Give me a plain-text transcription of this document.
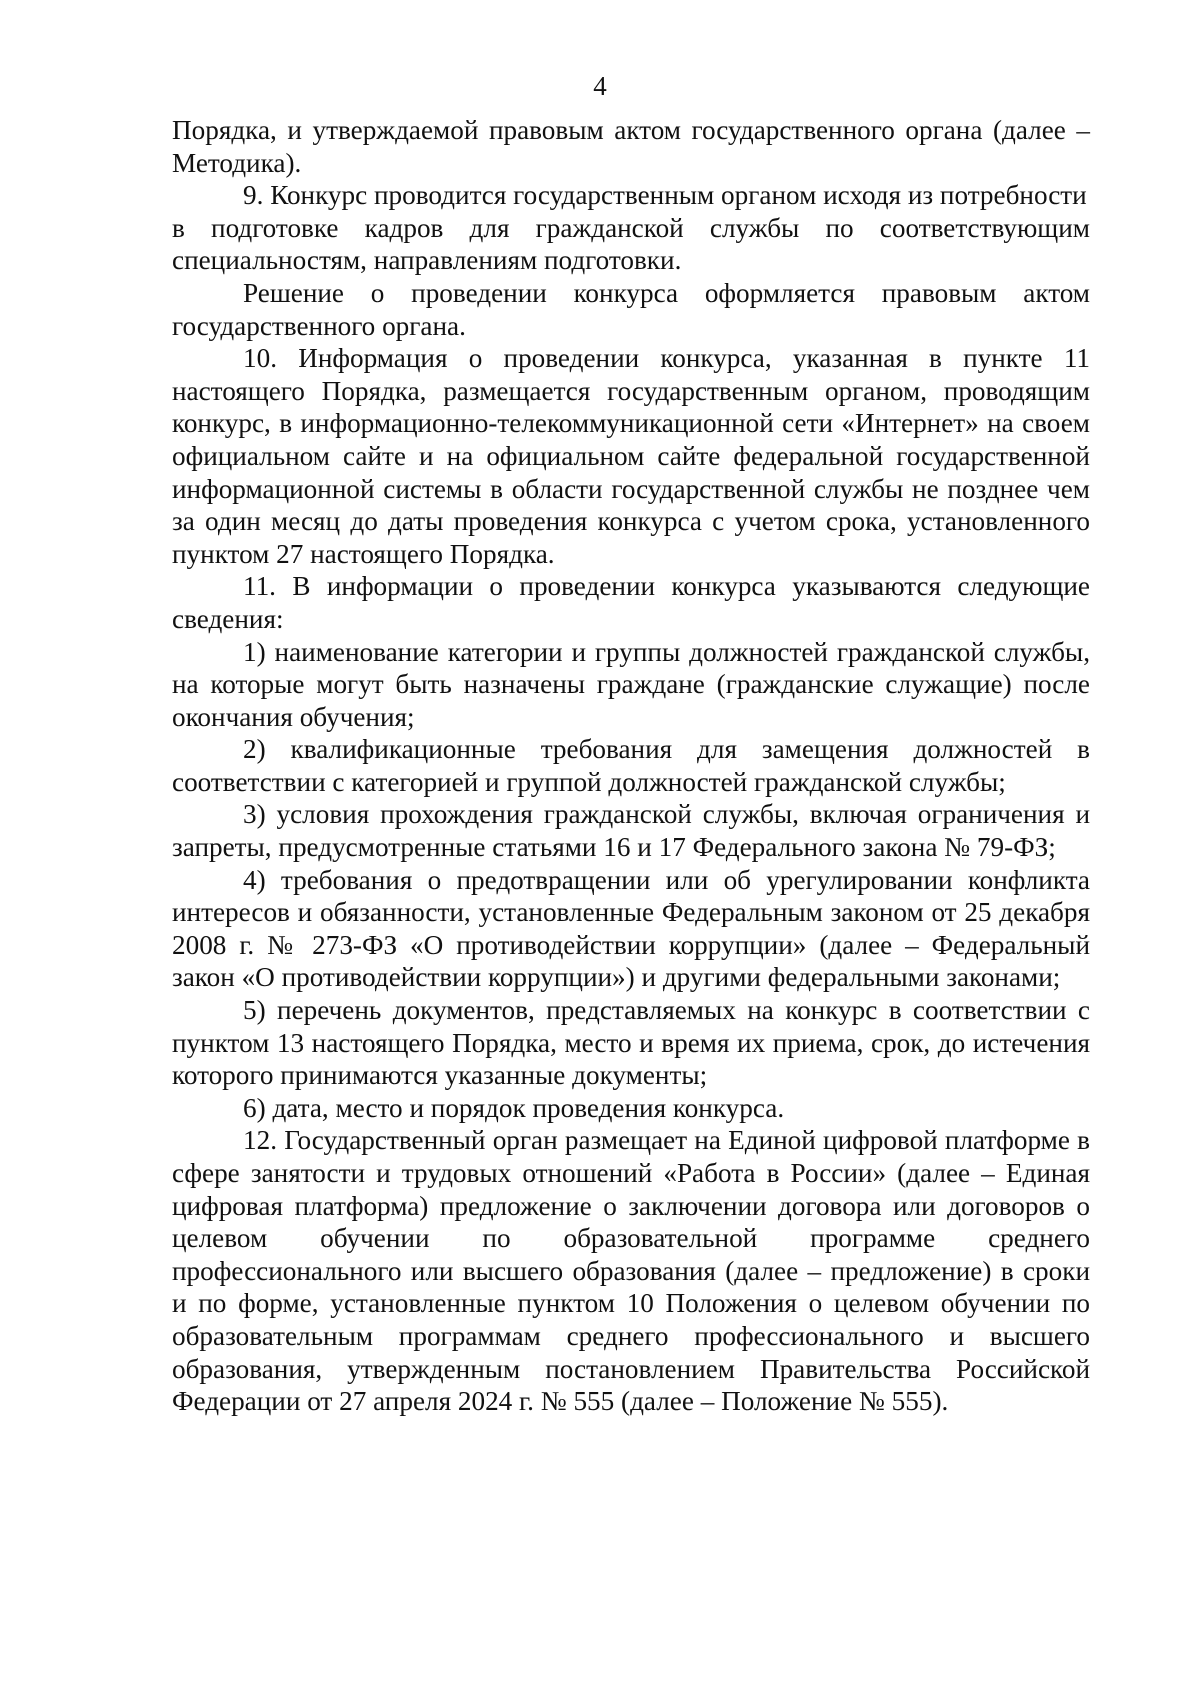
4

Порядка, и утверждаемой правовым актом государственного органа (далее – Методика).

9. Конкурс проводится государственным органом исходя из потребности

в подготовке кадров для гражданской службы по соответствующим специальностям, направлениям подготовки.

Решение о проведении конкурса оформляется правовым актом государственного органа.

10. Информация о проведении конкурса, указанная в пункте 11 настоящего Порядка, размещается государственным органом, проводящим конкурс, в информационно-телекоммуникационной сети «Интернет» на своем официальном сайте и на официальном сайте федеральной государственной информационной системы в области государственной службы не позднее чем за один месяц до даты проведения конкурса с учетом срока, установленного пунктом 27 настоящего Порядка.

11. В информации о проведении конкурса указываются следующие сведения:

1) наименование категории и группы должностей гражданской службы, на которые могут быть назначены граждане (гражданские служащие) после окончания обучения;

2) квалификационные требования для замещения должностей в соответствии с категорией и группой должностей гражданской службы;

3) условия прохождения гражданской службы, включая ограничения и запреты, предусмотренные статьями 16 и 17 Федерального закона № 79-ФЗ;

4) требования о предотвращении или об урегулировании конфликта интересов и обязанности, установленные Федеральным законом от 25 декабря 2008 г. № 273-ФЗ «О противодействии коррупции» (далее – Федеральный закон «О противодействии коррупции») и другими федеральными законами;

5) перечень документов, представляемых на конкурс в соответствии с пунктом 13 настоящего Порядка, место и время их приема, срок, до истечения которого принимаются указанные документы;

6) дата, место и порядок проведения конкурса.

12. Государственный орган размещает на Единой цифровой платформе в сфере занятости и трудовых отношений «Работа в России» (далее – Единая цифровая платформа) предложение о заключении договора или договоров о целевом обучении по образовательной программе среднего профессионального или высшего образования (далее – предложение) в сроки и по форме, установленные пунктом 10 Положения о целевом обучении по образовательным программам среднего профессионального и высшего образования, утвержденным постановлением Правительства Российской Федерации от 27 апреля 2024 г. № 555 (далее – Положение № 555).
